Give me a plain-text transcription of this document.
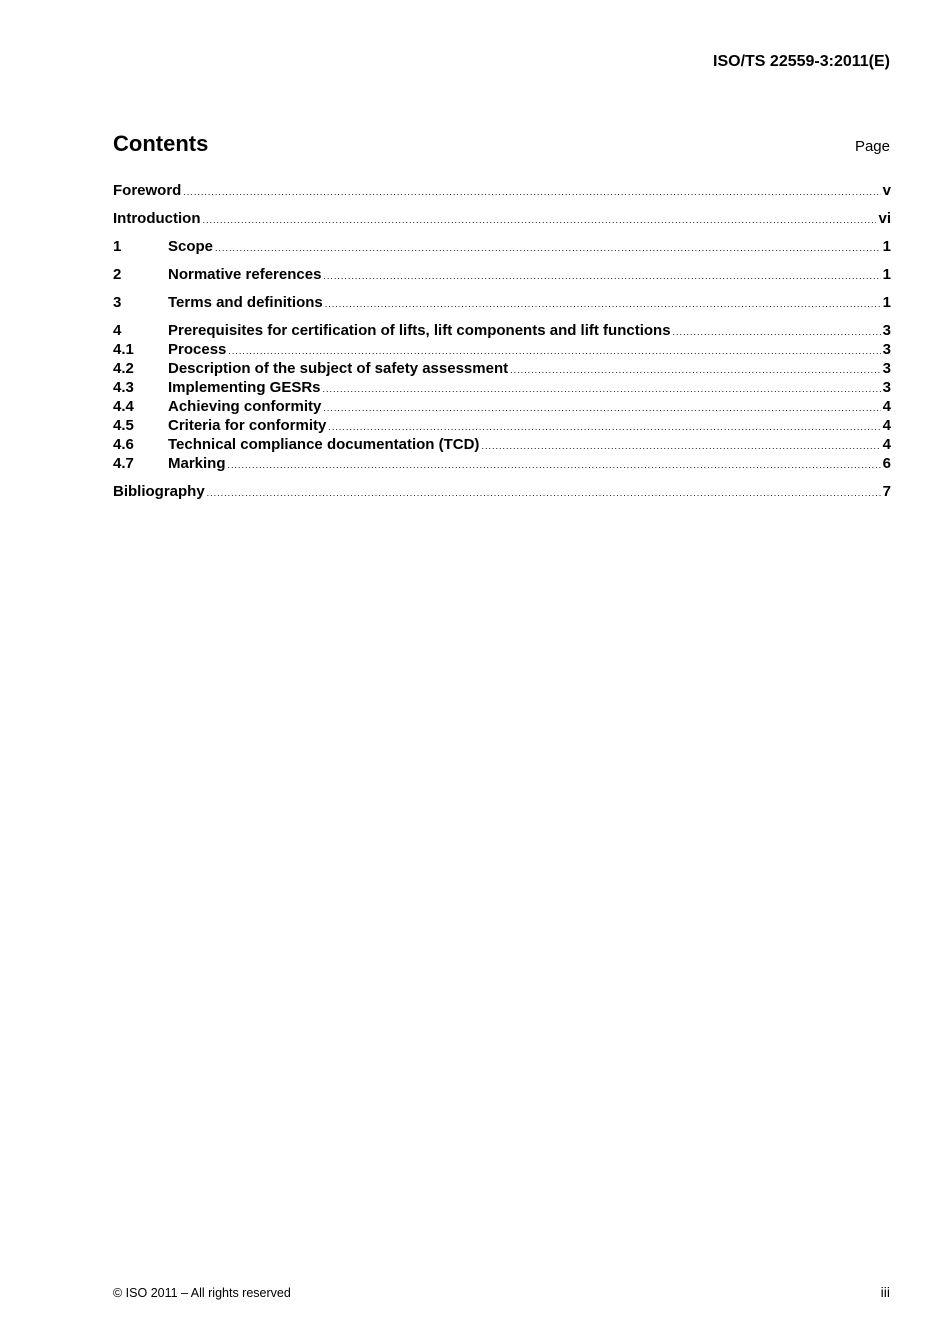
ISO/TS 22559-3:2011(E)
Contents	Page
Foreword .....	v
Introduction .....	vi
1	Scope .....	1
2	Normative references .....	1
3	Terms and definitions .....	1
4	Prerequisites for certification of lifts, lift components and lift functions .....	3
4.1	Process .....	3
4.2	Description of the subject of safety assessment .....	3
4.3	Implementing GESRs .....	3
4.4	Achieving conformity .....	4
4.5	Criteria for conformity .....	4
4.6	Technical compliance documentation (TCD) .....	4
4.7	Marking .....	6
Bibliography .....	7
© ISO 2011 – All rights reserved	iii
